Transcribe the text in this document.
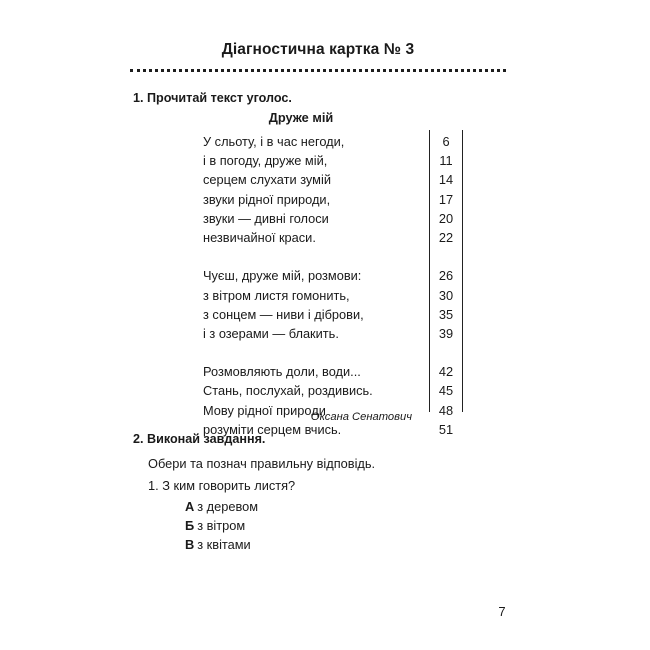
Діагностична картка № 3
1. Прочитай текст уголос.
Друже мій
У сльоту, і в час негоди,
і в погоду, друже мій,
серцем слухати зумій
звуки рідної природи,
звуки — дивні голоси
незвичайної краси.
Чуєш, друже мій, розмови:
з вітром листя гомонить,
з сонцем — ниви і діброви,
і з озерами — блакить.
Розмовляють доли, води...
Стань, послухай, роздивись.
Мову рідної природи
розуміти серцем вчись.
6
11
14
17
20
22
26
30
35
39
42
45
48
51
Оксана Сенатович
2. Виконай завдання.
Обери та познач правильну відповідь.
1. З ким говорить листя?
А з деревом
Б з вітром
В з квітами
7
